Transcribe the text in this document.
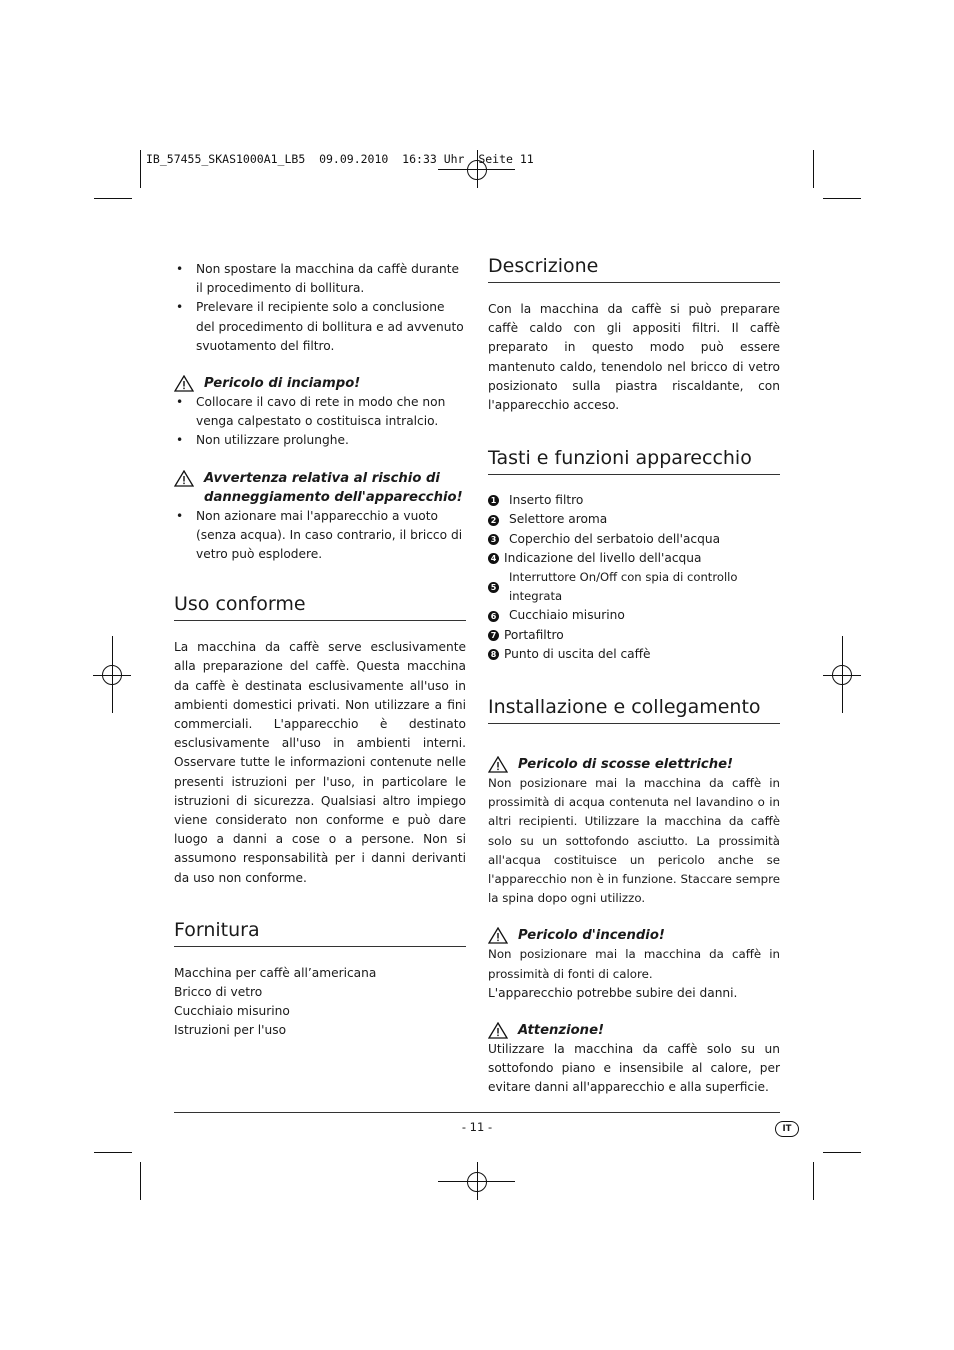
IB_57455_SKAS1000A1_LB5  09.09.2010  16:33 Uhr  Seite 11
• Non spostare la macchina da caffè durante il procedimento di bollitura.
• Prelevare il recipiente solo a conclusione del procedimento di bollitura e ad avvenuto svuotamento del filtro.
Pericolo di inciampo!
• Collocare il cavo di rete in modo che non venga calpestato o costituisca intralcio.
• Non utilizzare prolunghe.
Avvertenza relativa al rischio di danneggiamento dell'apparecchio!
• Non azionare mai l'apparecchio a vuoto (senza acqua). In caso contrario, il bricco di vetro può esplodere.
Uso conforme

La macchina da caffè serve esclusivamente alla preparazione del caffè. Questa macchina da caffè è destinata esclusivamente all'uso in ambienti domestici privati. Non utilizzare a fini commerciali. L'apparecchio è destinato esclusivamente all'uso in ambienti interni. Osservare tutte le informazioni contenute nelle presenti istruzioni per l'uso, in particolare le istruzioni di sicurezza. Qualsiasi altro impiego viene considerato non conforme e può dare luogo a danni a cose o a persone. Non si assumono responsabilità per i danni derivanti da uso non conforme.

Fornitura
Macchina per caffè all’americana
Bricco di vetro
Cucchiaio misurino
Istruzioni per l'uso
Descrizione

Con la macchina da caffè si può preparare caffè caldo con gli appositi filtri. Il caffè preparato in questo modo può essere mantenuto caldo, tenendolo nel bricco di vetro posizionato sulla piastra riscaldante, con l'apparecchio acceso.

Tasti e funzioni apparecchio
1 Inserto filtro
2 Selettore aroma
3 Coperchio del serbatoio dell'acqua
4 Indicazione del livello dell'acqua
5
Interruttore On/Off con spia di controllo integrata
6 Cucchiaio misurino
7 Portafiltro
8 Punto di uscita del caffè
Installazione e collegamento
Pericolo di scosse elettriche!

Non posizionare mai la macchina da caffè in prossimità di acqua contenuta nel lavandino o in altri recipienti. Utilizzare la macchina da caffè solo su un sottofondo asciutto. La prossimità all'acqua costituisce un pericolo anche se l'apparecchio non è in funzione. Staccare sempre la spina dopo ogni utilizzo.

Pericolo d'incendio!

Non posizionare mai la macchina da caffè in prossimità di fonti di calore.

L'apparecchio potrebbe subire dei danni.

Attenzione!

Utilizzare la macchina da caffè solo su un sottofondo piano e insensibile al calore, per evitare danni all'apparecchio e alla superficie.

- 11 -	IT
